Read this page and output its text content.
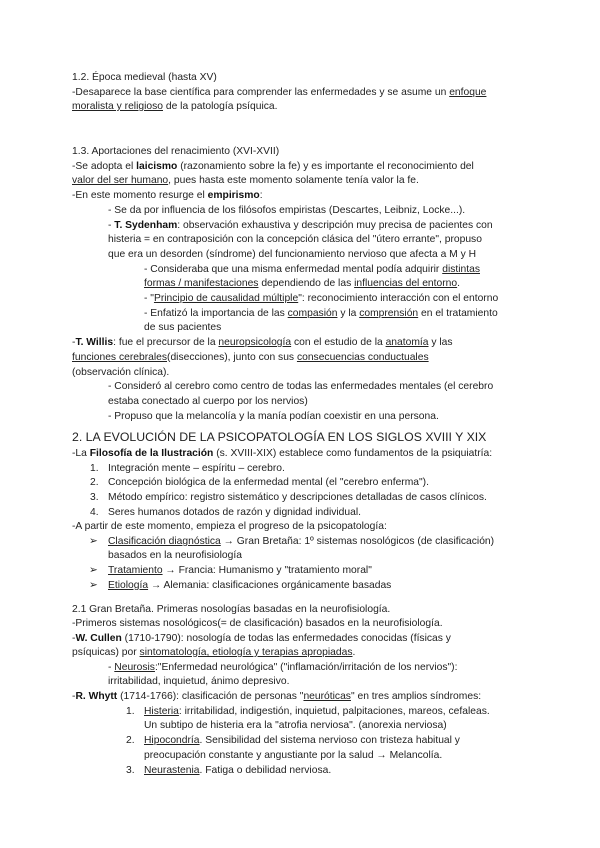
1.2. Época medieval (hasta XV)
-Desaparece la base científica para comprender las enfermedades y se asume un enfoque
moralista y religioso de la patología psíquica.
1.3. Aportaciones del renacimiento (XVI-XVII)
-Se adopta el laicismo (razonamiento sobre la fe) y es importante el reconocimiento del
valor del ser humano, pues hasta este momento solamente tenía valor la fe.
-En este momento resurge el empirismo:
- Se da por influencia de los filósofos empiristas (Descartes, Leibniz, Locke...).
- T. Sydenham: observación exhaustiva y descripción muy precisa de pacientes con
histeria = en contraposición con la concepción clásica del "útero errante", propuso
que era un desorden (síndrome) del funcionamiento nervioso que afecta a M y H
- Consideraba que una misma enfermedad mental podía adquirir distintas
formas / manifestaciones dependiendo de las influencias del entorno.
- "Principio de causalidad múltiple": reconocimiento interacción con el entorno
- Enfatizó la importancia de las compasión y la comprensión en el tratamiento
de sus pacientes
-T. Willis: fue el precursor de la neuropsicología con el estudio de la anatomía y las
funciones cerebrales(disecciones), junto con sus consecuencias conductuales
(observación clínica).
- Consideró al cerebro como centro de todas las enfermedades mentales (el cerebro
estaba conectado al cuerpo por los nervios)
- Propuso que la melancolía y la manía podían coexistir en una persona.
2. LA EVOLUCIÓN DE LA PSICOPATOLOGÍA EN LOS SIGLOS XVIII Y XIX
-La Filosofía de la Ilustración (s. XVIII-XIX) establece como fundamentos de la psiquiatría:
1. Integración mente – espíritu – cerebro.
2. Concepción biológica de la enfermedad mental (el "cerebro enferma").
3. Método empírico: registro sistemático y descripciones detalladas de casos clínicos.
4. Seres humanos dotados de razón y dignidad individual.
-A partir de este momento, empieza el progreso de la psicopatología:
➢ Clasificación diagnóstica → Gran Bretaña: 1º sistemas nosológicos (de clasificación)
basados en la neurofisiología
➢ Tratamiento → Francia: Humanismo y "tratamiento moral"
➢ Etiología → Alemania: clasificaciones orgánicamente basadas
2.1 Gran Bretaña. Primeras nosologías basadas en la neurofisiología.
-Primeros sistemas nosológicos(= de clasificación) basados en la neurofisiología.
-W. Cullen (1710-1790): nosología de todas las enfermedades conocidas (físicas y
psíquicas) por sintomatología, etiología y terapias apropiadas.
- Neurosis:"Enfermedad neurológica" ("inflamación/irritación de los nervios"):
irritabilidad, inquietud, ánimo depresivo.
-R. Whytt (1714-1766): clasificación de personas "neuróticas" en tres amplios síndromes:
1. Histeria: irritabilidad, indigestión, inquietud, palpitaciones, mareos, cefaleas.
Un subtipo de histeria era la "atrofia nerviosa". (anorexia nerviosa)
2. Hipocondría. Sensibilidad del sistema nervioso con tristeza habitual y
preocupación constante y angustiante por la salud → Melancolía.
3. Neurastenia. Fatiga o debilidad nerviosa.
